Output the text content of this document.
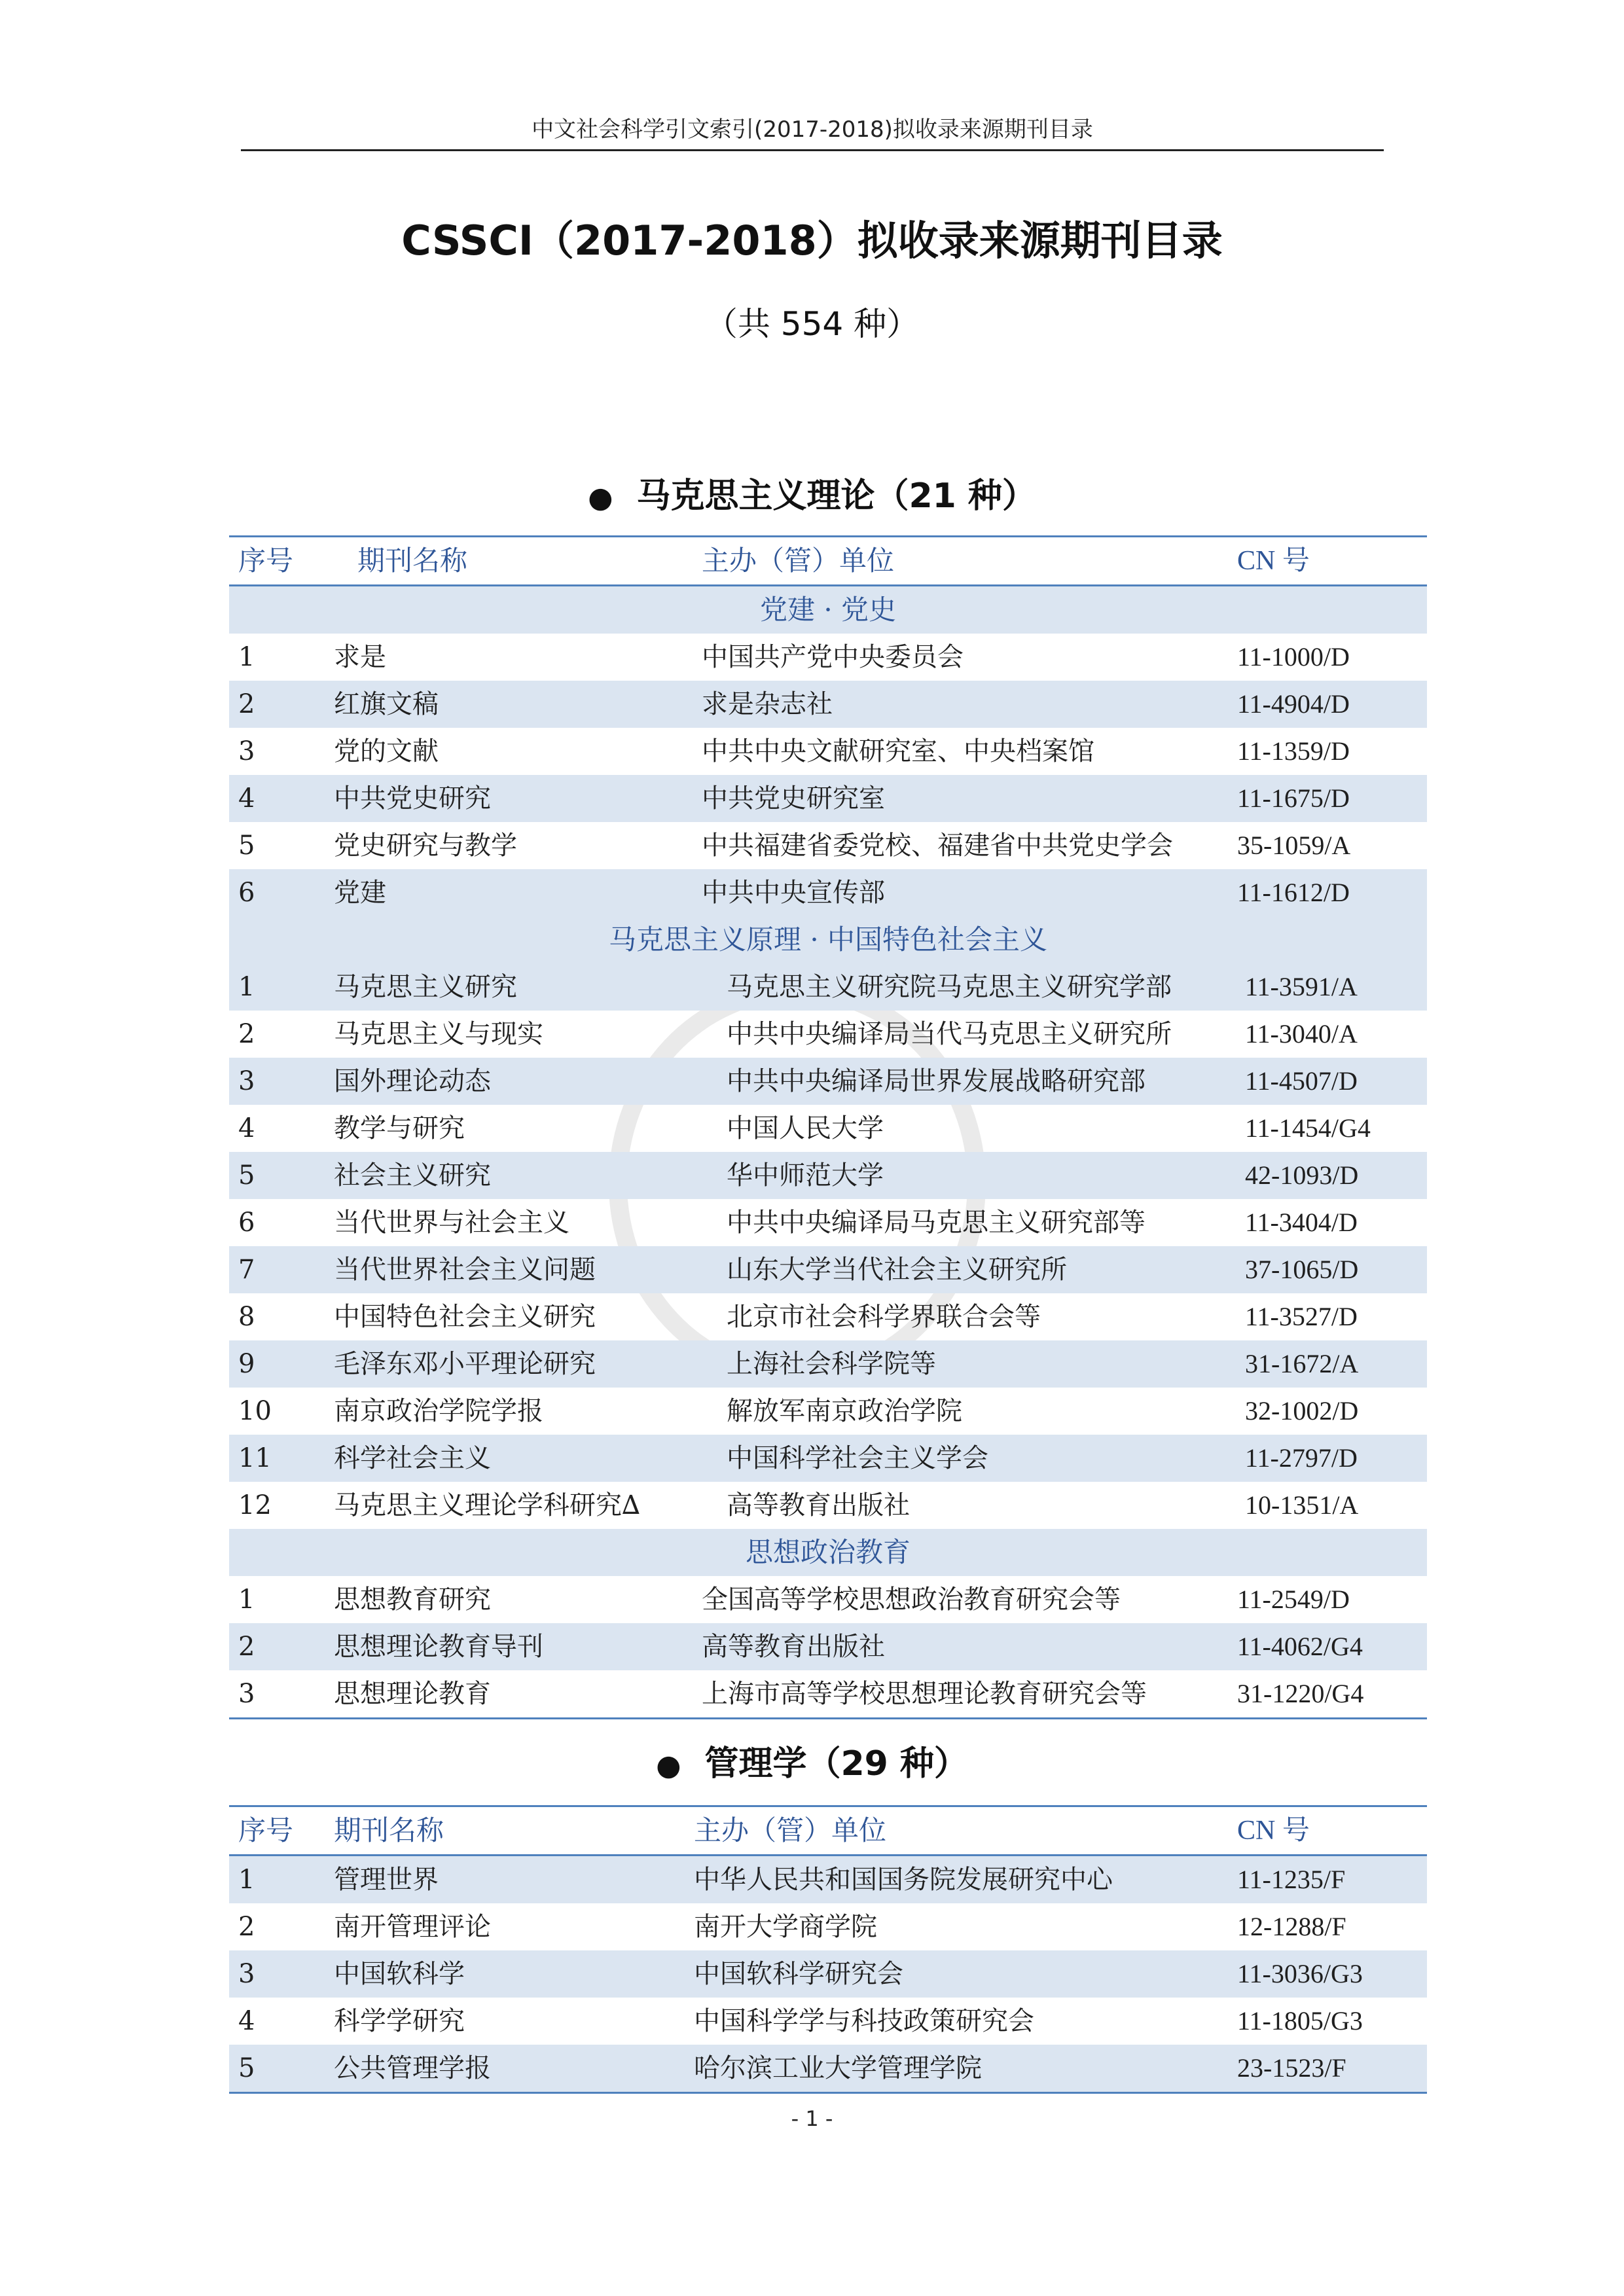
中文社会科学引文索引(2017-2018)拟收录来源期刊目录
CSSCI（2017-2018）拟收录来源期刊目录
（共 554 种）
● 马克思主义理论（21 种）
序号 期刊名称	主办（管）单位	CN 号
党建 · 党史
1	求是	中国共产党中央委员会	11-1000/D
2	红旗文稿	求是杂志社	11-4904/D
3	党的文献	中共中央文献研究室、中央档案馆	11-1359/D
4	中共党史研究	中共党史研究室	11-1675/D
5	党史研究与教学	中共福建省委党校、福建省中共党史学会 35-1059/A
6	党建	中共中央宣传部	11-1612/D
马克思主义原理 · 中国特色社会主义
1	马克思主义研究	马克思主义研究院马克思主义研究学部	11-3591/A
2	马克思主义与现实	中共中央编译局当代马克思主义研究所	11-3040/A
3	国外理论动态	中共中央编译局世界发展战略研究部	11-4507/D
4	教学与研究	中国人民大学	11-1454/G4
5	社会主义研究	华中师范大学	42-1093/D
6	当代世界与社会主义	中共中央编译局马克思主义研究部等	11-3404/D
7	当代世界社会主义问题	山东大学当代社会主义研究所	37-1065/D
8	中国特色社会主义研究	北京市社会科学界联合会等	11-3527/D
9	毛泽东邓小平理论研究	上海社会科学院等	31-1672/A
10 南京政治学院学报	解放军南京政治学院	32-1002/D
11 科学社会主义	中国科学社会主义学会	11-2797/D
12 马克思主义理论学科研究∆	高等教育出版社	10-1351/A
思想政治教育
1	思想教育研究	全国高等学校思想政治教育研究会等	11-2549/D
2	思想理论教育导刊	高等教育出版社	11-4062/G4
3	思想理论教育	上海市高等学校思想理论教育研究会等	31-1220/G4
● 管理学（29 种）
序号 期刊名称	主办（管）单位	CN 号
1	管理世界	中华人民共和国国务院发展研究中心	11-1235/F
2	南开管理评论	南开大学商学院	12-1288/F
3	中国软科学	中国软科学研究会	11-3036/G3
4	科学学研究	中国科学学与科技政策研究会	11-1805/G3
5	公共管理学报	哈尔滨工业大学管理学院	23-1523/F
- 1 -
